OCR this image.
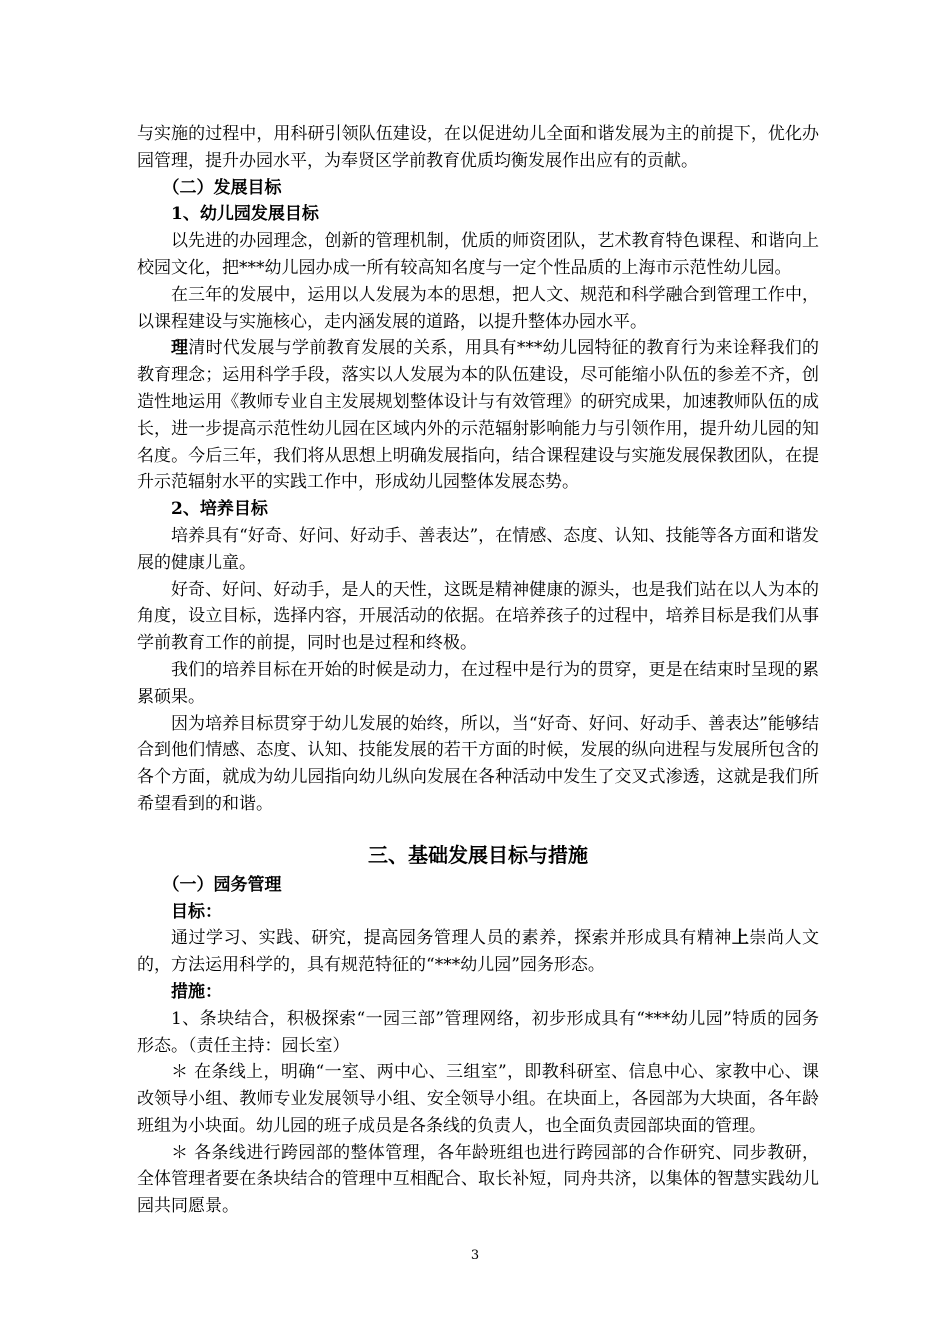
与实施的过程中，用科研引领队伍建设，在以促进幼儿全面和谐发展为主的前提下，优化办园管理，提升办园水平，为奉贤区学前教育优质均衡发展作出应有的贡献。

（二）发展目标

1、幼儿园发展目标

以先进的办园理念，创新的管理机制，优质的师资团队，艺术教育特色课程、和谐向上校园文化，把***幼儿园办成一所有较高知名度与一定个性品质的上海市示范性幼儿园。

在三年的发展中，运用以人发展为本的思想，把人文、规范和科学融合到管理工作中，以课程建设与实施核心，走内涵发展的道路，以提升整体办园水平。

理清时代发展与学前教育发展的关系，用具有***幼儿园特征的教育行为来诠释我们的教育理念；运用科学手段，落实以人发展为本的队伍建设，尽可能缩小队伍的参差不齐，创造性地运用《教师专业自主发展规划整体设计与有效管理》的研究成果，加速教师队伍的成长，进一步提高示范性幼儿园在区域内外的示范辐射影响能力与引领作用，提升幼儿园的知名度。今后三年，我们将从思想上明确发展指向，结合课程建设与实施发展保教团队，在提升示范辐射水平的实践工作中，形成幼儿园整体发展态势。

2、培养目标

培养具有“好奇、好问、好动手、善表达”，在情感、态度、认知、技能等各方面和谐发展的健康儿童。

好奇、好问、好动手，是人的天性，这既是精神健康的源头，也是我们站在以人为本的角度，设立目标，选择内容，开展活动的依据。在培养孩子的过程中，培养目标是我们从事学前教育工作的前提，同时也是过程和终极。

我们的培养目标在开始的时候是动力，在过程中是行为的贯穿，更是在结束时呈现的累累硕果。

因为培养目标贯穿于幼儿发展的始终，所以，当“好奇、好问、好动手、善表达”能够结合到他们情感、态度、认知、技能发展的若干方面的时候，发展的纵向进程与发展所包含的各个方面，就成为幼儿园指向幼儿纵向发展在各种活动中发生了交叉式渗透，这就是我们所希望看到的和谐。

三、基础发展目标与措施

（一）园务管理

目标：

通过学习、实践、研究，提高园务管理人员的素养，探索并形成具有精神上崇尚人文的，方法运用科学的，具有规范特征的“***幼儿园”园务形态。

措施：

1、条块结合，积极探索“一园三部”管理网络，初步形成具有“***幼儿园”特质的园务形态。（责任主持：园长室）

＊ 在条线上，明确“一室、两中心、三组室”，即教科研室、信息中心、家教中心、课改领导小组、教师专业发展领导小组、安全领导小组。在块面上，各园部为大块面，各年龄班组为小块面。幼儿园的班子成员是各条线的负责人，也全面负责园部块面的管理。

＊ 各条线进行跨园部的整体管理，各年龄班组也进行跨园部的合作研究、同步教研，全体管理者要在条块结合的管理中互相配合、取长补短，同舟共济，以集体的智慧实践幼儿园共同愿景。

3
